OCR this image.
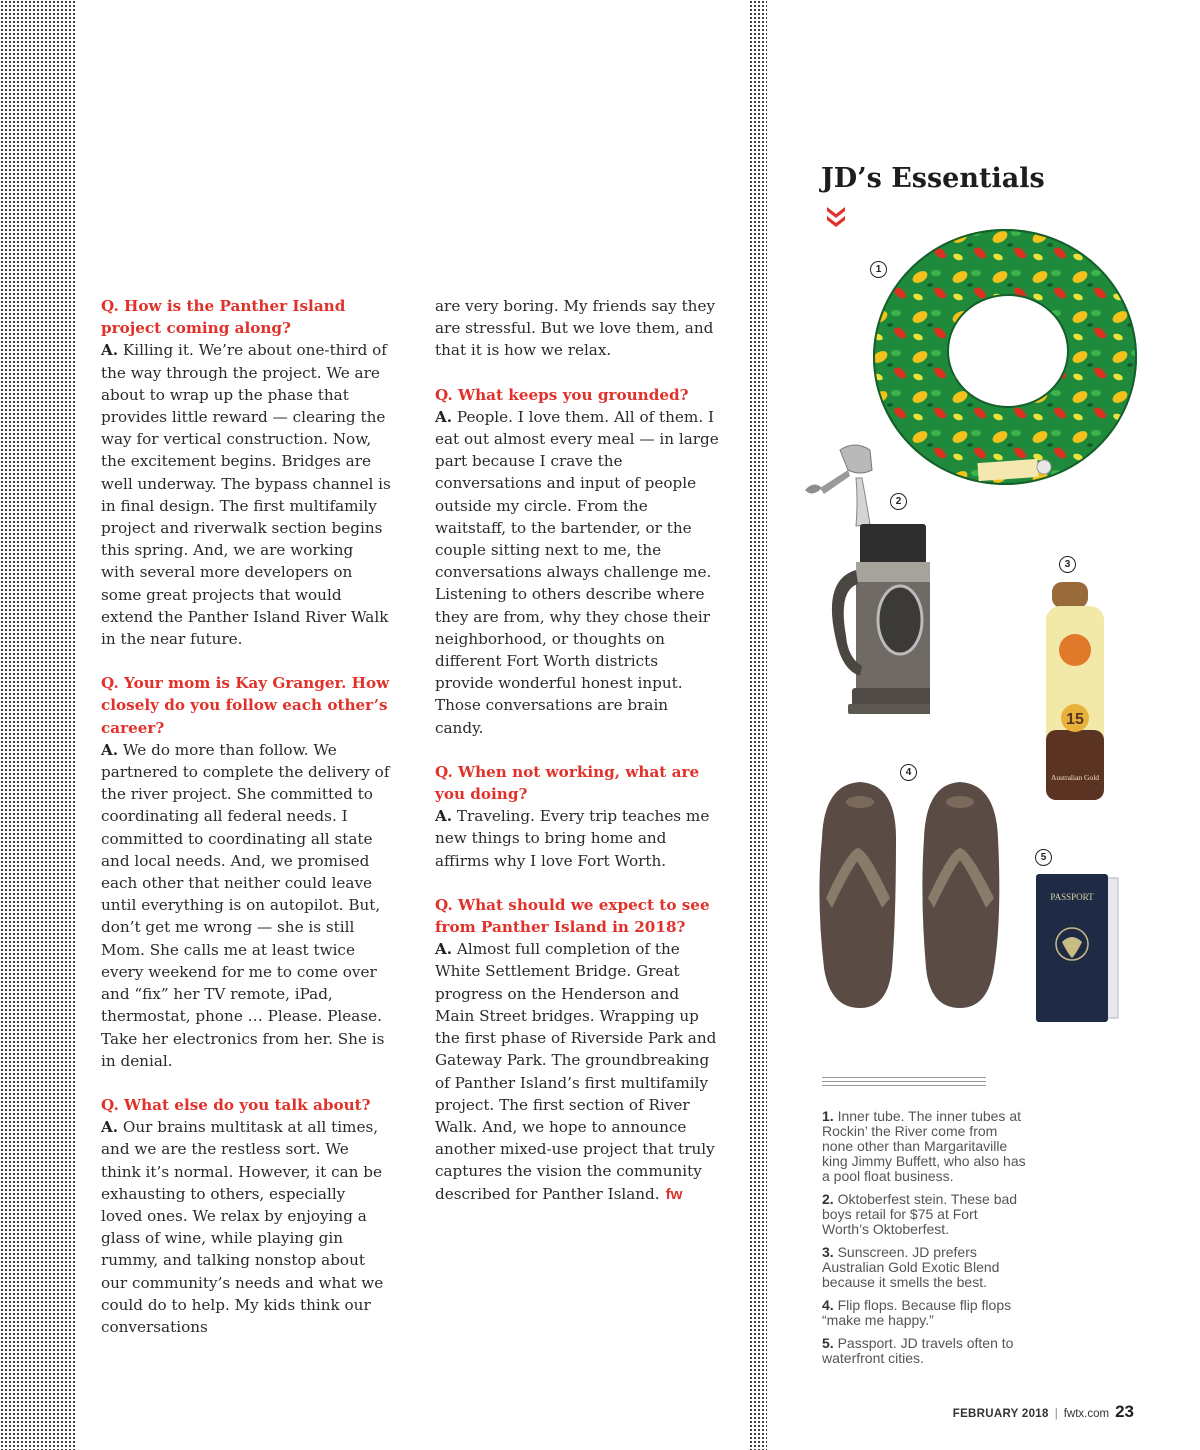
Q. How is the Panther Island project coming along?

A. Killing it. We’re about one-third of the way through the project. We are about to wrap up the phase that provides little reward — clearing the way for vertical construction. Now, the excitement begins. Bridges are well underway. The bypass channel is in final design. The first multifamily project and riverwalk section begins this spring. And, we are working with several more developers on some great projects that would extend the Panther Island River Walk in the near future.

Q. Your mom is Kay Granger. How closely do you follow each other’s career?

A. We do more than follow. We partnered to complete the delivery of the river project. She committed to coordinating all federal needs. I committed to coordinating all state and local needs. And, we promised each other that neither could leave until everything is on autopilot. But, don’t get me wrong — she is still Mom. She calls me at least twice every weekend for me to come over and “fix” her TV remote, iPad, thermostat, phone … Please. Please. Take her electronics from her. She is in denial.

Q. What else do you talk about?

A. Our brains multitask at all times, and we are the restless sort. We think it’s normal. However, it can be exhausting to others, especially loved ones. We relax by enjoying a glass of wine, while playing gin rummy, and talking nonstop about our community’s needs and what we could do to help. My kids think our conversations

are very boring. My friends say they are stressful. But we love them, and that it is how we relax.

Q. What keeps you grounded?

A. People. I love them. All of them. I eat out almost every meal — in large part because I crave the conversations and input of people outside my circle. From the waitstaff, to the bartender, or the couple sitting next to me, the conversations always challenge me. Listening to others describe where they are from, why they chose their neighborhood, or thoughts on different Fort Worth districts provide wonderful honest input. Those conversations are brain candy.

Q. When not working, what are you doing?

A. Traveling. Every trip teaches me new things to bring home and affirms why I love Fort Worth.

Q. What should we expect to see from Panther Island in 2018?

A. Almost full completion of the White Settlement Bridge. Great progress on the Henderson and Main Street bridges. Wrapping up the first phase of Riverside Park and Gateway Park. The groundbreaking of Panther Island’s first multifamily project. The first section of River Walk. And, we hope to announce another mixed-use project that truly captures the vision the community described for Panther Island. fw

JD’s Essentials
2
3
4
5
15
Australian Gold
PASSPORT

1. Inner tube. The inner tubes at Rockin’ the River come from none other than Margaritaville king Jimmy Buffett, who also has a pool float business.

2. Oktoberfest stein. These bad boys retail for $75 at Fort Worth’s Oktoberfest.

3. Sunscreen. JD prefers Australian Gold Exotic Blend because it smells the best.

4. Flip flops. Because flip flops “make me happy.”

5. Passport. JD travels often to waterfront cities.

FEBRUARY 2018 | fwtx.com 23
